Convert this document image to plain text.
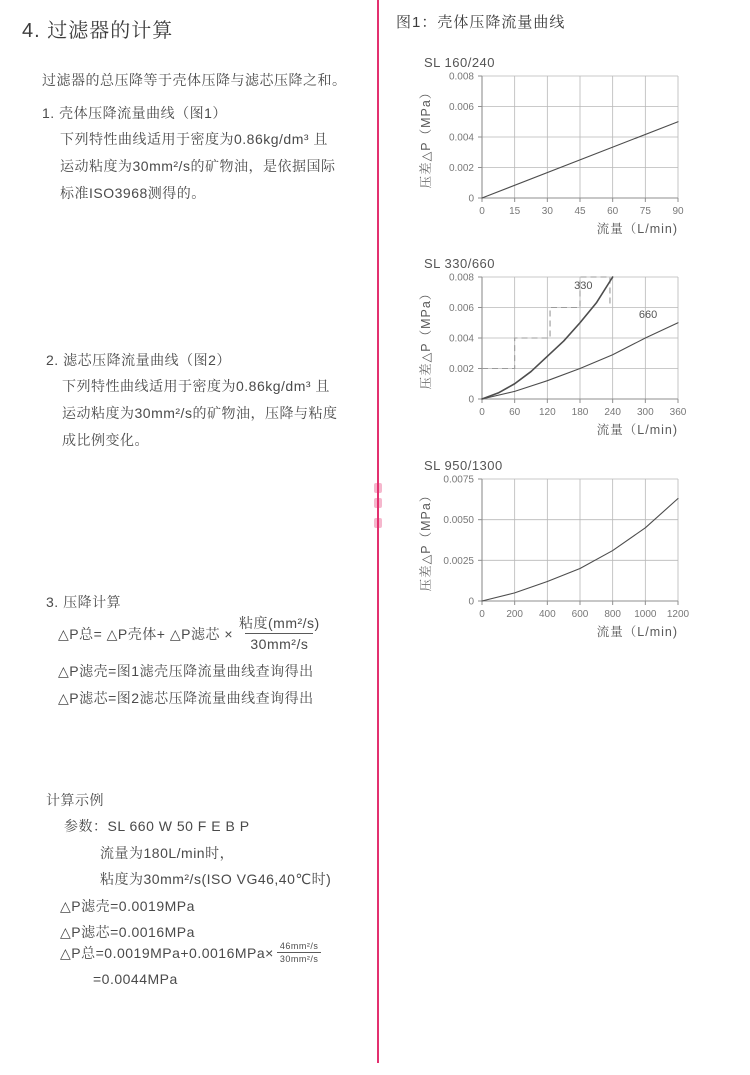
4. 过滤器的计算
过滤器的总压降等于壳体压降与滤芯压降之和。
1. 壳体压降流量曲线（图1）
下列特性曲线适用于密度为0.86kg/dm³ 且
运动粘度为30mm²/s的矿物油，是依据国际
标准ISO3968测得的。
2. 滤芯压降流量曲线（图2）
下列特性曲线适用于密度为0.86kg/dm³ 且
运动粘度为30mm²/s的矿物油，压降与粘度
成比例变化。
3. 压降计算
△P总= △P壳体+ △P滤芯 × $\frac{\text{粘度(mm²/s)}}{\text{30mm²/s}}$
△P滤壳=图1滤壳压降流量曲线查询得出
△P滤芯=图2滤芯压降流量曲线查询得出
计算示例
参数：SL 660 W 50 F E B P
流量为180L/min时，
粘度为30mm²/s(ISO VG46,40℃时)
△P滤壳=0.0019MPa
△P滤芯=0.0016MPa
△P总$=0.0019MPa+0.0016MPa\times \frac{\text{46mm²/s}}{\text{30mm²/s}}$
=0.0044MPa
图1：壳体压降流量曲线
SL 160/240
0
0.002
0.004
0.006
0.008
0 15 30 45 60 75 90
压差△P（MPa）
流量（L/min)
SL 330/660
0
0.002
0.004
0.006
0.008
0 60 120 180 240 300 360
330
660
压差△P（MPa）
流量（L/min)
SL 950/1300
0
0.0025
0.0050
0.0075
0 200 400 600 800 1000 1200
压差△P（MPa）
流量（L/min)
